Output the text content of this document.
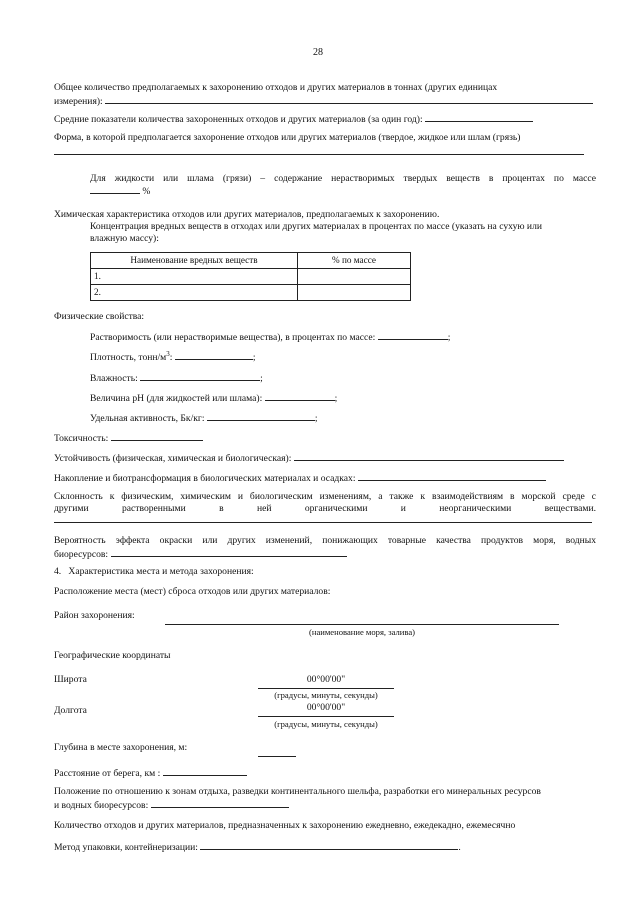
28
Общее количество предполагаемых к захоронению отходов и других материалов в тоннах (других единицах
измерения):
Средние показатели количества захороненных отходов и других материалов (за один год):
Форма, в которой предполагается захоронение отходов или других материалов (твердое, жидкое или шлам (грязь)
Для жидкости или шлама (грязи) – содержание нерастворимых твердых веществ в процентах по массе
%
Химическая характеристика отходов или других материалов, предполагаемых к захоронению.
Концентрация вредных веществ в отходах или других материалах в процентах по массе (указать на сухую или
влажную массу):
Наименование вредных веществ	% по массе
1.	
2.	
Физические свойства:
Растворимость (или нерастворимые вещества), в процентах по массе:	;
Плотность, тонн/$м^3$:	;
Влажность:	;
Величина рН (для жидкостей или шлама):	;
Удельная активность, Бк/кг:	;
Токсичность:
Устойчивость (физическая, химическая и биологическая):
Накопление и биотрансформация в биологических материалах и осадках:
Склонность к физическим, химическим и биологическим изменениям, а также к взаимодействиям в морской среде с
другими растворенными в ней органическими и неорганическими веществами.
Вероятность эффекта окраски или других изменений, понижающих товарные качества продуктов моря, водных
биоресурсов:
4.   Характеристика места и метода захоронения:
Расположение места (мест) сброса отходов или других материалов:
Район захоронения:
(наименование моря, залива)
Географические координаты
Широта	00°00'00"
(градусы, минуты, секунды)
Долгота	00°00'00"
(градусы, минуты, секунды)
Глубина в месте захоронения, м:
Расстояние от берега, км :
Положение по отношению к зонам отдыха, разведки континентального шельфа, разработки его минеральных ресурсов
и водных биоресурсов:
Количество отходов и других материалов, предназначенных к захоронению ежедневно, ежедекадно, ежемесячно
Метод упаковки, контейнеризации:	.
